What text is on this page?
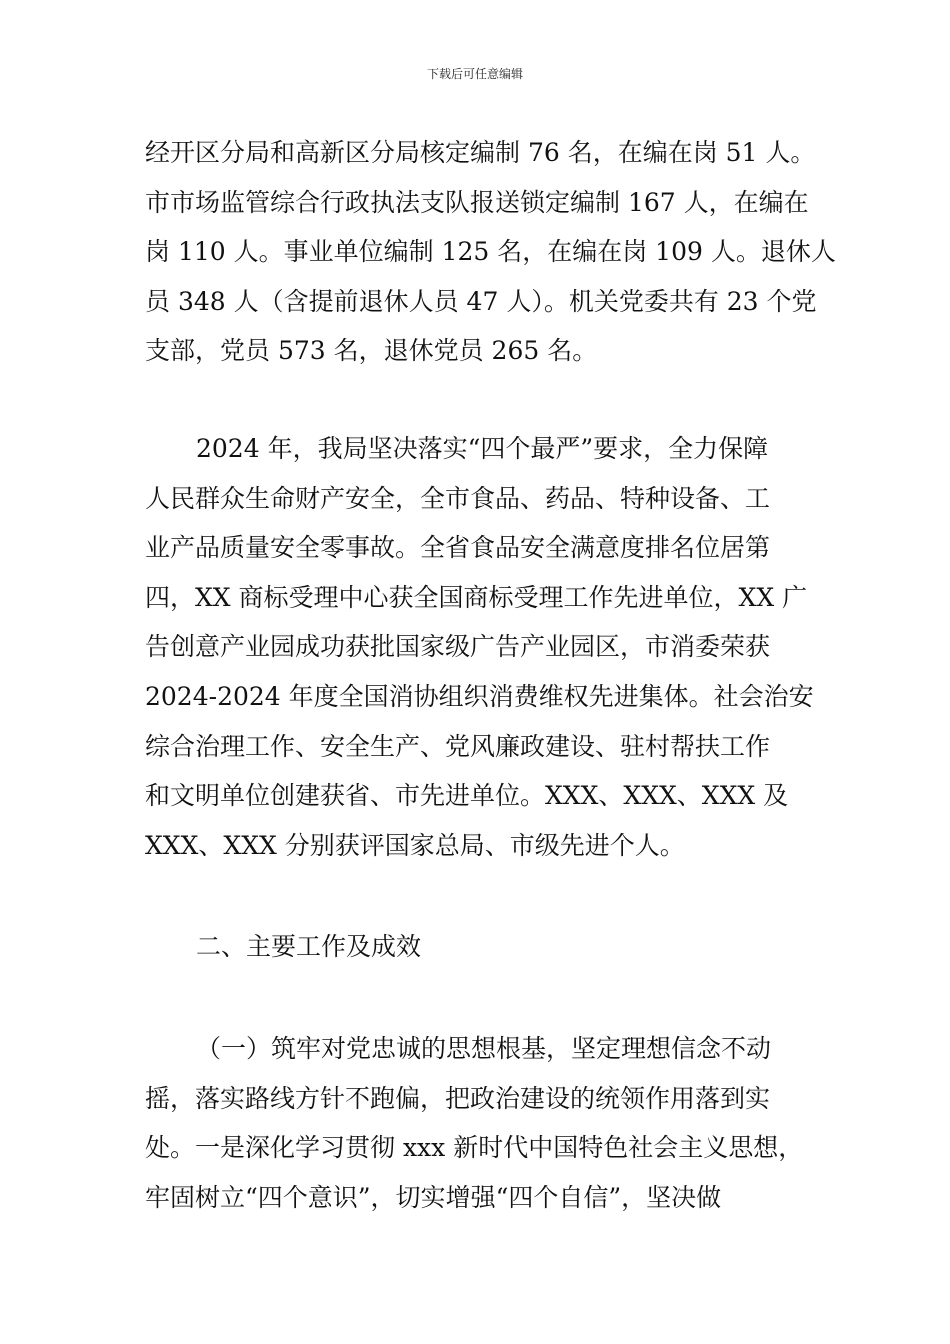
下载后可任意编辑
经开区分局和高新区分局核定编制 76 名，在编在岗 51 人。
市市场监管综合行政执法支队报送锁定编制 167 人，在编在
岗 110 人。事业单位编制 125 名，在编在岗 109 人。退休人
员 348 人（含提前退休人员 47 人）。机关党委共有 23 个党
支部，党员 573 名，退休党员 265 名。
2024 年，我局坚决落实“四个最严”要求，全力保障
人民群众生命财产安全，全市食品、药品、特种设备、工
业产品质量安全零事故。全省食品安全满意度排名位居第
四，XX 商标受理中心获全国商标受理工作先进单位，XX 广
告创意产业园成功获批国家级广告产业园区，市消委荣获
2024-2024 年度全国消协组织消费维权先进集体。社会治安
综合治理工作、安全生产、党风廉政建设、驻村帮扶工作
和文明单位创建获省、市先进单位。XXX、XXX、XXX 及
XXX、XXX 分别获评国家总局、市级先进个人。
二、主要工作及成效
（一）筑牢对党忠诚的思想根基，坚定理想信念不动
摇，落实路线方针不跑偏，把政治建设的统领作用落到实
处。一是深化学习贯彻 xxx 新时代中国特色社会主义思想，
牢固树立“四个意识”，切实增强“四个自信”，坚决做
